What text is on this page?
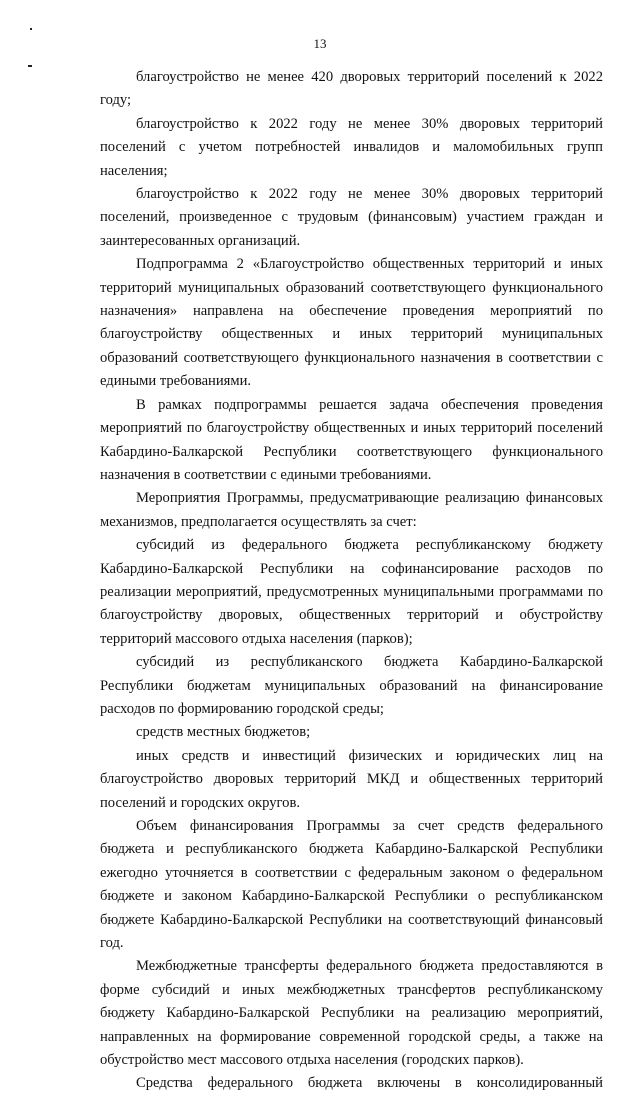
13

благоустройство не менее 420 дворовых территорий поселений к 2022 году;

благоустройство к 2022 году не менее 30% дворовых территорий поселений с учетом потребностей инвалидов и маломобильных групп населения;

благоустройство к 2022 году не менее 30% дворовых территорий поселений, произведенное с трудовым (финансовым) участием граждан и заинтересованных организаций.

Подпрограмма 2 «Благоустройство общественных территорий и иных территорий муниципальных образований соответствующего функционального назначения» направлена на обеспечение проведения мероприятий по благоустройству общественных и иных территорий муниципальных образований соответствующего функционального назначения в соответствии с едиными требованиями.

В рамках подпрограммы решается задача обеспечения проведения мероприятий по благоустройству общественных и иных территорий поселений Кабардино-Балкарской Республики соответствующего функционального назначения в соответствии с едиными требованиями.

Мероприятия Программы, предусматривающие реализацию финансовых механизмов, предполагается осуществлять за счет:

субсидий из федерального бюджета республиканскому бюджету Кабардино-Балкарской Республики на софинансирование расходов по реализации мероприятий, предусмотренных муниципальными программами по благоустройству дворовых, общественных территорий и обустройству территорий массового отдыха населения (парков);

субсидий из республиканского бюджета Кабардино-Балкарской Республики бюджетам муниципальных образований на финансирование расходов по формированию городской среды;

средств местных бюджетов;

иных средств и инвестиций физических и юридических лиц на благоустройство дворовых территорий МКД и общественных территорий поселений и городских округов.

Объем финансирования Программы за счет средств федерального бюджета и республиканского бюджета Кабардино-Балкарской Республики ежегодно уточняется в соответствии с федеральным законом о федеральном бюджете и законом Кабардино-Балкарской Республики о республиканском бюджете Кабардино-Балкарской Республики на соответствующий финансовый год.

Межбюджетные трансферты федерального бюджета предоставляются в форме субсидий и иных межбюджетных трансфертов республиканскому бюджету Кабардино-Балкарской Республики на реализацию мероприятий, направленных на формирование современной городской среды, а также на обустройство мест массового отдыха населения (городских парков).

Средства федерального бюджета включены в консолидированный
